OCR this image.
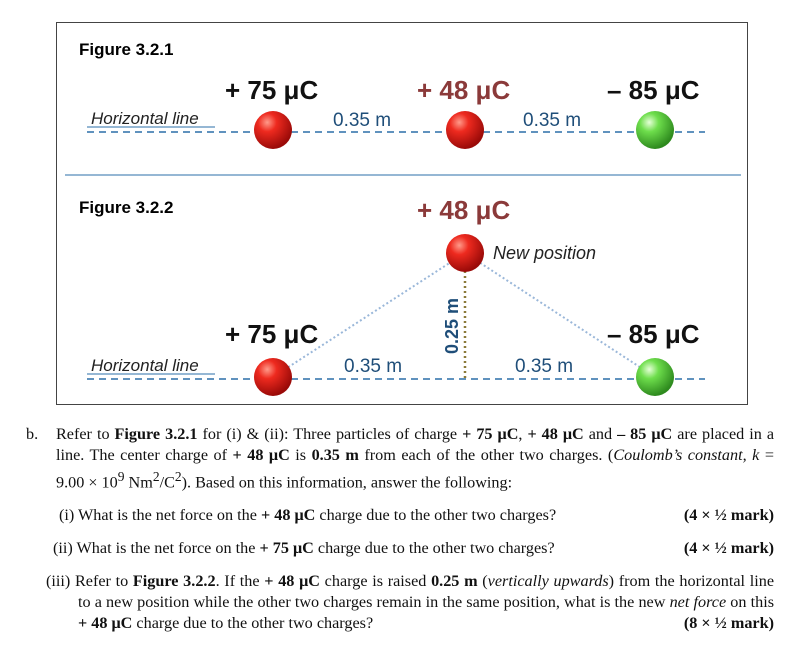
Figure 3.2.1
+ 75 μC	+ 48 μC	– 85 μC
Horizontal line	0.35 m	0.35 m
Figure 3.2.2	+ 48 μC
New position
0.25 m
+ 75 μC	– 85 μC
Horizontal line	0.35 m	0.35 m
b. Refer to Figure 3.2.1 for (i) & (ii): Three particles of charge + 75 μC, + 48 μC and – 85 μC are placed in a line. The center charge of + 48 μC is 0.35 m from each of the other two charges. (Coulomb’s constant, $k = 9.00 \times 10^9$ $Nm^2/C^2$). Based on this information, answer the following:
(i) What is the net force on the + 48 μC charge due to the other two charges?	(4 × ½ mark)
(ii) What is the net force on the + 75 μC charge due to the other two charges?	(4 × ½ mark)
(iii) Refer to Figure 3.2.2. If the + 48 μC charge is raised 0.25 m (vertically upwards) from the horizontal line to a new position while the other two charges remain in the same position, what is the new net force on this + 48 μC charge due to the other two charges?	(8 × ½ mark)
